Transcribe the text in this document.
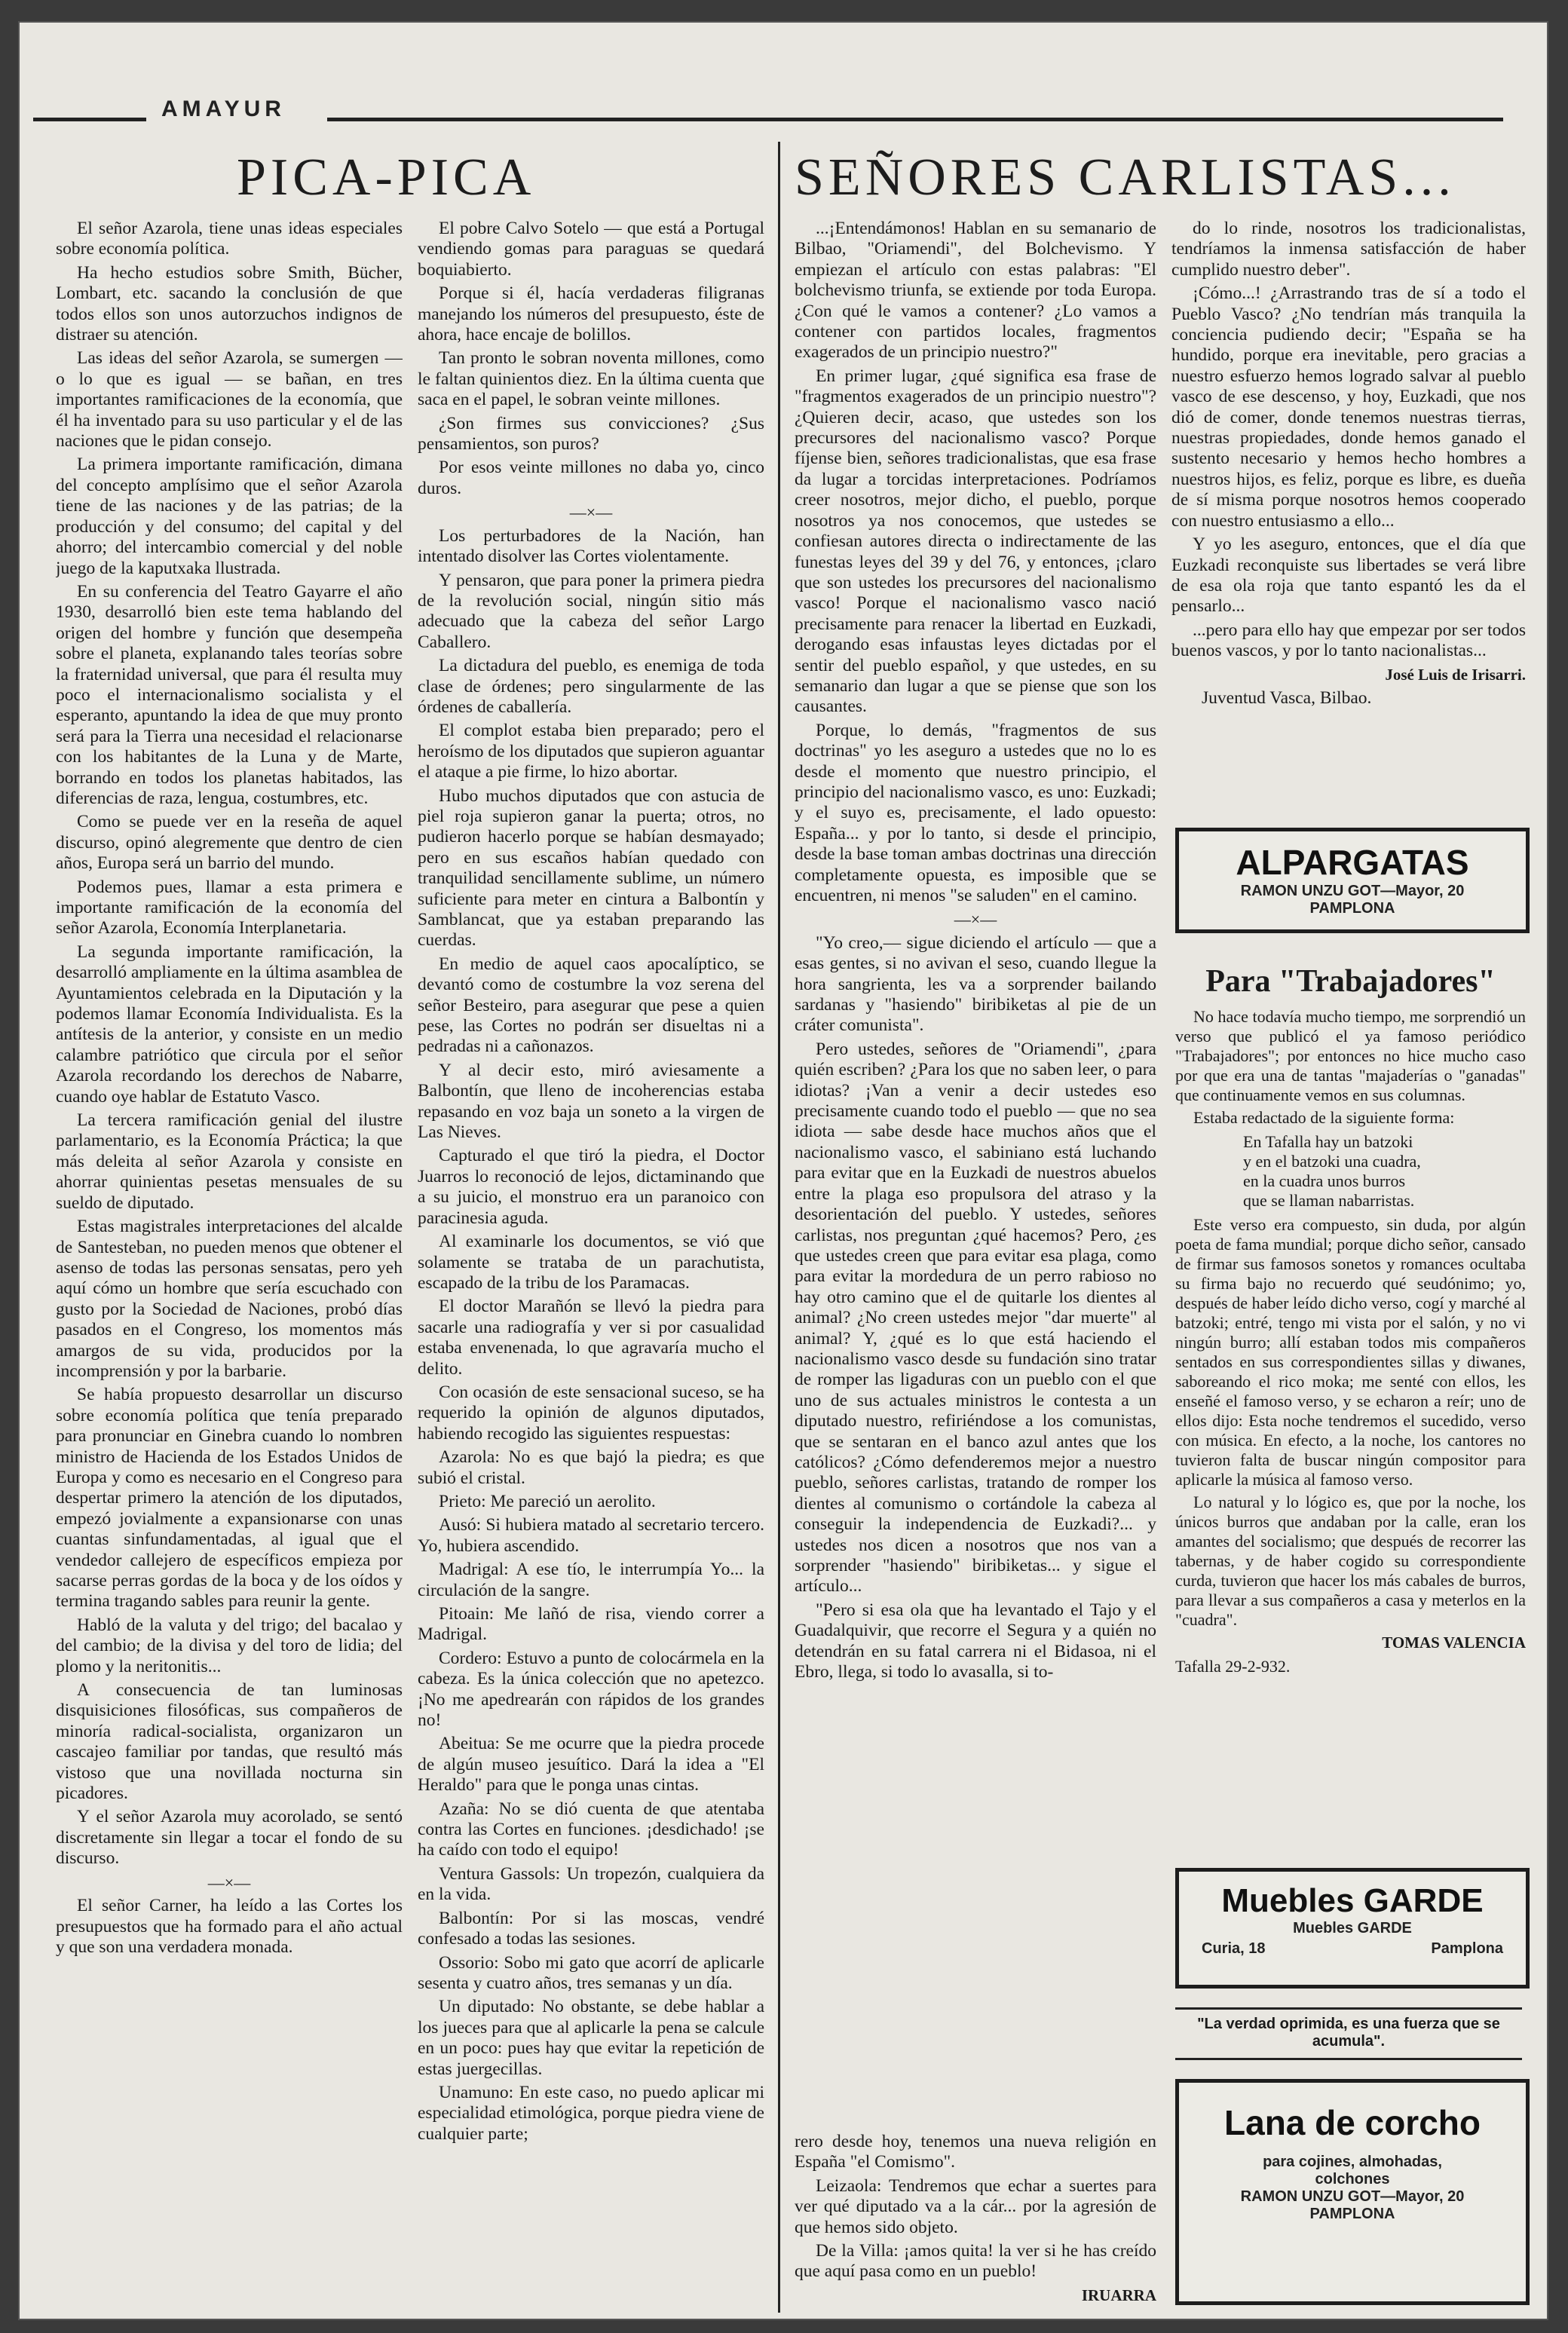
AMAYUR
PICA-PICA	SEÑORES CARLISTAS...

El señor Azarola, tiene unas ideas especiales sobre economía política.

Ha hecho estudios sobre Smith, Bücher, Lombart, etc. sacando la conclusión de que todos ellos son unos autorzuchos indignos de distraer su atención.

Las ideas del señor Azarola, se sumergen — o lo que es igual — se bañan, en tres importantes ramificaciones de la economía, que él ha inventado para su uso particular y el de las naciones que le pidan consejo.

La primera importante ramificación, dimana del concepto amplísimo que el señor Azarola tiene de las naciones y de las patrias; de la producción y del consumo; del capital y del ahorro; del intercambio comercial y del noble juego de la kaputxaka llustrada.

En su conferencia del Teatro Gayarre el año 1930, desarrolló bien este tema hablando del origen del hombre y función que desempeña sobre el planeta, explanando tales teorías sobre la fraternidad universal, que para él resulta muy poco el internacionalismo socialista y el esperanto, apuntando la idea de que muy pronto será para la Tierra una necesidad el relacionarse con los habitantes de la Luna y de Marte, borrando en todos los planetas habitados, las diferencias de raza, lengua, costumbres, etc.

Como se puede ver en la reseña de aquel discurso, opinó alegremente que dentro de cien años, Europa será un barrio del mundo.

Podemos pues, llamar a esta primera e importante ramificación de la economía del señor Azarola, Economía Interplanetaria.

La segunda importante ramificación, la desarrolló ampliamente en la última asamblea de Ayuntamientos celebrada en la Diputación y la podemos llamar Economía Individualista. Es la antítesis de la anterior, y consiste en un medio calambre patriótico que circula por el señor Azarola recordando los derechos de Nabarre, cuando oye hablar de Estatuto Vasco.

La tercera ramificación genial del ilustre parlamentario, es la Economía Práctica; la que más deleita al señor Azarola y consiste en ahorrar quinientas pesetas mensuales de su sueldo de diputado.

Estas magistrales interpretaciones del alcalde de Santesteban, no pueden menos que obtener el asenso de todas las personas sensatas, pero yeh aquí cómo un hombre que sería escuchado con gusto por la Sociedad de Naciones, probó días pasados en el Congreso, los momentos más amargos de su vida, producidos por la incomprensión y por la barbarie.

Se había propuesto desarrollar un discurso sobre economía política que tenía preparado para pronunciar en Ginebra cuando lo nombren ministro de Hacienda de los Estados Unidos de Europa y como es necesario en el Congreso para despertar primero la atención de los diputados, empezó jovialmente a expansionarse con unas cuantas sinfundamentadas, al igual que el vendedor callejero de específicos empieza por sacarse perras gordas de la boca y de los oídos y termina tragando sables para reunir la gente.

Habló de la valuta y del trigo; del bacalao y del cambio; de la divisa y del toro de lidia; del plomo y la neritonitis...

A consecuencia de tan luminosas disquisiciones filosóficas, sus compañeros de minoría radical-socialista, organizaron un cascajeo familiar por tandas, que resultó más vistoso que una novillada nocturna sin picadores.

Y el señor Azarola muy acorolado, se sentó discretamente sin llegar a tocar el fondo de su discurso.

—×—

El señor Carner, ha leído a las Cortes los presupuestos que ha formado para el año actual y que son una verdadera monada.

El pobre Calvo Sotelo — que está a Portugal vendiendo gomas para paraguas se quedará boquiabierto.

Porque si él, hacía verdaderas filigranas manejando los números del presupuesto, éste de ahora, hace encaje de bolillos.

Tan pronto le sobran noventa millones, como le faltan quinientos diez. En la última cuenta que saca en el papel, le sobran veinte millones.

¿Son firmes sus convicciones? ¿Sus pensamientos, son puros?

Por esos veinte millones no daba yo, cinco duros.

—×—

Los perturbadores de la Nación, han intentado disolver las Cortes violentamente.

Y pensaron, que para poner la primera piedra de la revolución social, ningún sitio más adecuado que la cabeza del señor Largo Caballero.

La dictadura del pueblo, es enemiga de toda clase de órdenes; pero singularmente de las órdenes de caballería.

El complot estaba bien preparado; pero el heroísmo de los diputados que supieron aguantar el ataque a pie firme, lo hizo abortar.

Hubo muchos diputados que con astucia de piel roja supieron ganar la puerta; otros, no pudieron hacerlo porque se habían desmayado; pero en sus escaños habían quedado con tranquilidad sencillamente sublime, un número suficiente para meter en cintura a Balbontín y Samblancat, que ya estaban preparando las cuerdas.

En medio de aquel caos apocalíptico, se devantó como de costumbre la voz serena del señor Besteiro, para asegurar que pese a quien pese, las Cortes no podrán ser disueltas ni a pedradas ni a cañonazos.

Y al decir esto, miró aviesamente a Balbontín, que lleno de incoherencias estaba repasando en voz baja un soneto a la virgen de Las Nieves.

Capturado el que tiró la piedra, el Doctor Juarros lo reconoció de lejos, dictaminando que a su juicio, el monstruo era un paranoico con paracinesia aguda.

Al examinarle los documentos, se vió que solamente se trataba de un parachutista, escapado de la tribu de los Paramacas.

El doctor Marañón se llevó la piedra para sacarle una radiografía y ver si por casualidad estaba envenenada, lo que agravaría mucho el delito.

Con ocasión de este sensacional suceso, se ha requerido la opinión de algunos diputados, habiendo recogido las siguientes respuestas:

Azarola: No es que bajó la piedra; es que subió el cristal.

Prieto: Me pareció un aerolito.

Ausó: Si hubiera matado al secretario tercero. Yo, hubiera ascendido.

Madrigal: A ese tío, le interrumpía Yo... la circulación de la sangre.

Pitoain: Me lañó de risa, viendo correr a Madrigal.

Cordero: Estuvo a punto de colocármela en la cabeza. Es la única colección que no apetezco. ¡No me apedrearán con rápidos de los grandes no!

Abeitua: Se me ocurre que la piedra procede de algún museo jesuítico. Dará la idea a "El Heraldo" para que le ponga unas cintas.

Azaña: No se dió cuenta de que atentaba contra las Cortes en funciones. ¡desdichado! ¡se ha caído con todo el equipo!

Ventura Gassols: Un tropezón, cualquiera da en la vida.

Balbontín: Por si las moscas, vendré confesado a todas las sesiones.

Ossorio: Sobo mi gato que acorrí de aplicarle sesenta y cuatro años, tres semanas y un día.

Un diputado: No obstante, se debe hablar a los jueces para que al aplicarle la pena se calcule en un poco: pues hay que evitar la repetición de estas juergecillas.

Unamuno: En este caso, no puedo aplicar mi especialidad etimológica, porque piedra viene de cualquier parte;

...¡Entendámonos! Hablan en su semanario de Bilbao, "Oriamendi", del Bolchevismo. Y empiezan el artículo con estas palabras: "El bolchevismo triunfa, se extiende por toda Europa. ¿Con qué le vamos a contener? ¿Lo vamos a contener con partidos locales, fragmentos exagerados de un principio nuestro?"

En primer lugar, ¿qué significa esa frase de "fragmentos exagerados de un principio nuestro"? ¿Quieren decir, acaso, que ustedes son los precursores del nacionalismo vasco? Porque fíjense bien, señores tradicionalistas, que esa frase da lugar a torcidas interpretaciones. Podríamos creer nosotros, mejor dicho, el pueblo, porque nosotros ya nos conocemos, que ustedes se confiesan autores directa o indirectamente de las funestas leyes del 39 y del 76, y entonces, ¡claro que son ustedes los precursores del nacionalismo vasco! Porque el nacionalismo vasco nació precisamente para renacer la libertad en Euzkadi, derogando esas infaustas leyes dictadas por el sentir del pueblo español, y que ustedes, en su semanario dan lugar a que se piense que son los causantes.

Porque, lo demás, "fragmentos de sus doctrinas" yo les aseguro a ustedes que no lo es desde el momento que nuestro principio, el principio del nacionalismo vasco, es uno: Euzkadi; y el suyo es, precisamente, el lado opuesto: España... y por lo tanto, si desde el principio, desde la base toman ambas doctrinas una dirección completamente opuesta, es imposible que se encuentren, ni menos "se saluden" en el camino.

—×—

"Yo creo,— sigue diciendo el artículo — que a esas gentes, si no avivan el seso, cuando llegue la hora sangrienta, les va a sorprender bailando sardanas y "hasiendo" biribiketas al pie de un cráter comunista".

Pero ustedes, señores de "Oriamendi", ¿para quién escriben? ¿Para los que no saben leer, o para idiotas? ¡Van a venir a decir ustedes eso precisamente cuando todo el pueblo — que no sea idiota — sabe desde hace muchos años que el nacionalismo vasco, el sabiniano está luchando para evitar que en la Euzkadi de nuestros abuelos entre la plaga eso propulsora del atraso y la desorientación del pueblo. Y ustedes, señores carlistas, nos preguntan ¿qué hacemos? Pero, ¿es que ustedes creen que para evitar esa plaga, como para evitar la mordedura de un perro rabioso no hay otro camino que el de quitarle los dientes al animal? ¿No creen ustedes mejor "dar muerte" al animal? Y, ¿qué es lo que está haciendo el nacionalismo vasco desde su fundación sino tratar de romper las ligaduras con un pueblo con el que uno de sus actuales ministros le contesta a un diputado nuestro, refiriéndose a los comunistas, que se sentaran en el banco azul antes que los católicos? ¿Cómo defenderemos mejor a nuestro pueblo, señores carlistas, tratando de romper los dientes al comunismo o cortándole la cabeza al conseguir la independencia de Euzkadi?... y ustedes nos dicen a nosotros que nos van a sorprender "hasiendo" biribiketas... y sigue el artículo...

"Pero si esa ola que ha levantado el Tajo y el Guadalquivir, que recorre el Segura y a quién no detendrán en su fatal carrera ni el Bidasoa, ni el Ebro, llega, si todo lo avasalla, si to-

rero desde hoy, tenemos una nueva religión en España "el Comismo".

Leizaola: Tendremos que echar a suertes para ver qué diputado va a la cár... por la agresión de que hemos sido objeto.

De la Villa: ¡amos quita! la ver si he has creído que aquí pasa como en un pueblo!

IRUARRA

do lo rinde, nosotros los tradicionalistas, tendríamos la inmensa satisfacción de haber cumplido nuestro deber".

¡Cómo...! ¿Arrastrando tras de sí a todo el Pueblo Vasco? ¿No tendrían más tranquila la conciencia pudiendo decir; "España se ha hundido, porque era inevitable, pero gracias a nuestro esfuerzo hemos logrado salvar al pueblo vasco de ese descenso, y hoy, Euzkadi, que nos dió de comer, donde tenemos nuestras tierras, nuestras propiedades, donde hemos ganado el sustento necesario y hemos hecho hombres a nuestros hijos, es feliz, porque es libre, es dueña de sí misma porque nosotros hemos cooperado con nuestro entusiasmo a ello...

Y yo les aseguro, entonces, que el día que Euzkadi reconquiste sus libertades se verá libre de esa ola roja que tanto espantó les da el pensarlo...

...pero para ello hay que empezar por ser todos buenos vascos, y por lo tanto nacionalistas...

José Luis de Irisarri.

Juventud Vasca, Bilbao.

ALPARGATAS
RAMON UNZU GOT—Mayor, 20
PAMPLONA
Para "Trabajadores"

No hace todavía mucho tiempo, me sorprendió un verso que publicó el ya famoso periódico "Trabajadores"; por entonces no hice mucho caso por que era una de tantas "majaderías o "ganadas" que continuamente vemos en sus columnas.

Estaba redactado de la siguiente forma:

En Tafalla hay un batzoki
y en el batzoki una cuadra,
en la cuadra unos burros
que se llaman nabarristas.

Este verso era compuesto, sin duda, por algún poeta de fama mundial; porque dicho señor, cansado de firmar sus famosos sonetos y romances ocultaba su firma bajo no recuerdo qué seudónimo; yo, después de haber leído dicho verso, cogí y marché al batzoki; entré, tengo mi vista por el salón, y no vi ningún burro; allí estaban todos mis compañeros sentados en sus correspondientes sillas y diwanes, saboreando el rico moka; me senté con ellos, les enseñé el famoso verso, y se echaron a reír; uno de ellos dijo: Esta noche tendremos el sucedido, verso con música. En efecto, a la noche, los cantores no tuvieron falta de buscar ningún compositor para aplicarle la música al famoso verso.

Lo natural y lo lógico es, que por la noche, los únicos burros que andaban por la calle, eran los amantes del socialismo; que después de recorrer las tabernas, y de haber cogido su correspondiente curda, tuvieron que hacer los más cabales de burros, para llevar a sus compañeros a casa y meterlos en la "cuadra".

TOMAS VALENCIA
Tafalla 29-2-932.
Muebles GARDE
Muebles GARDE
Curia, 18	Pamplona
"La verdad oprimida, es una fuerza que se acumula".
Lana de corcho
para cojines, almohadas,
colchones
RAMON UNZU GOT—Mayor, 20
PAMPLONA
